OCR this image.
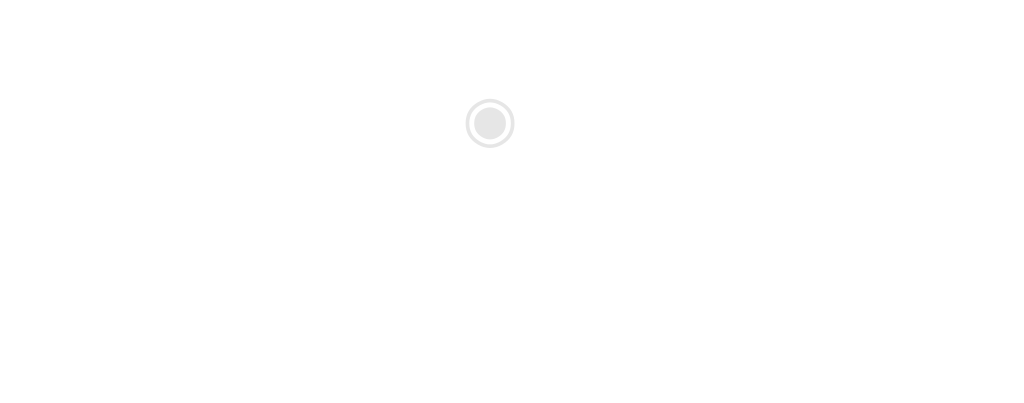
◉
